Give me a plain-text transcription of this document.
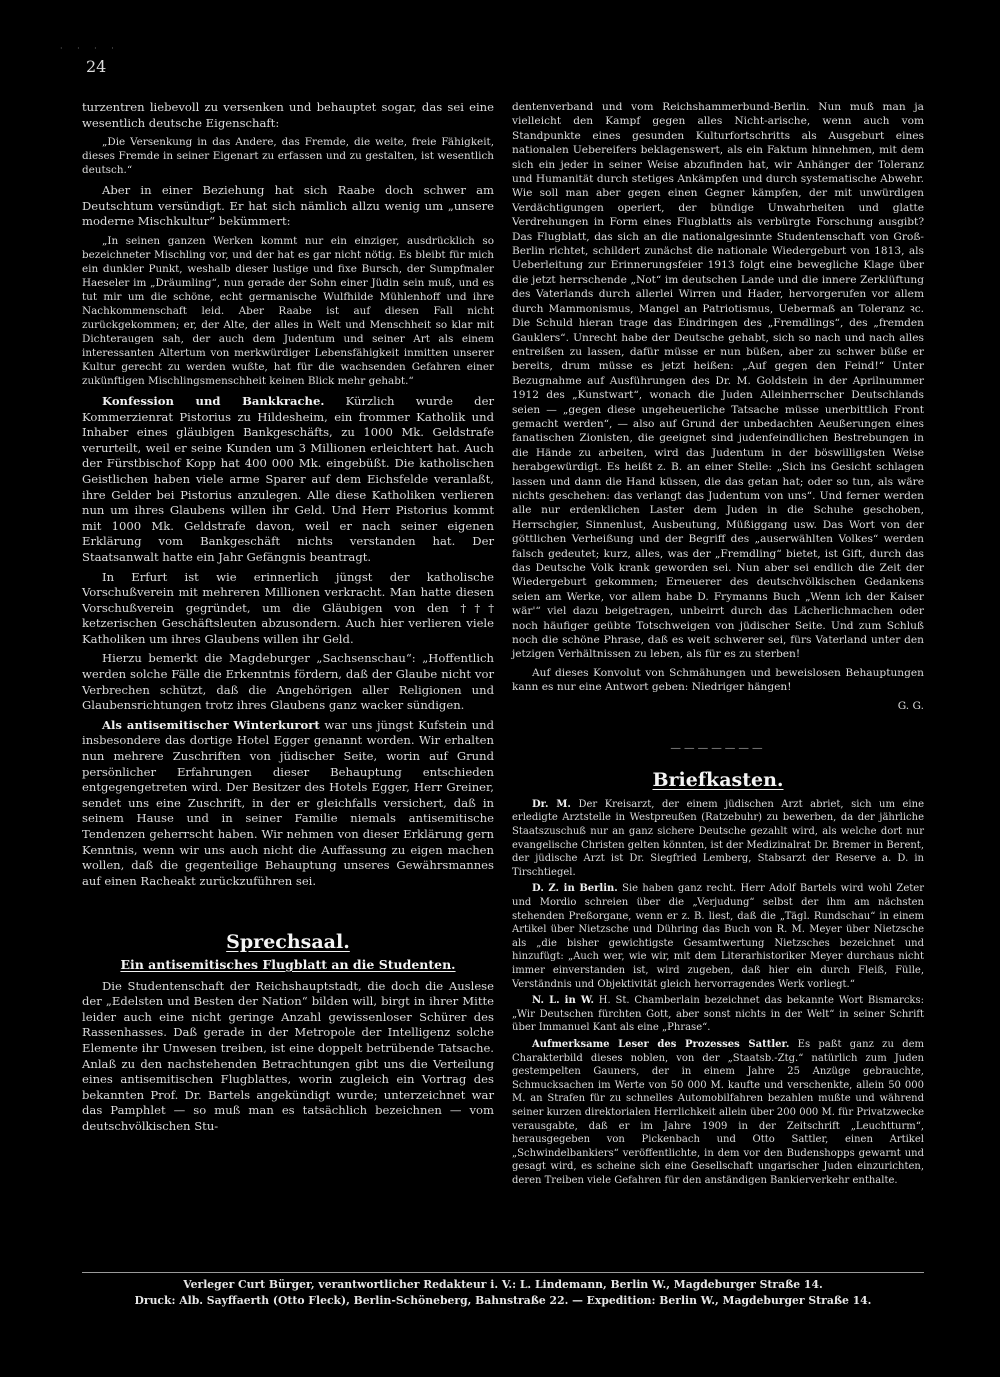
· · · ·
24

turzentren liebevoll zu versenken und behauptet sogar, das sei eine wesentlich deutsche Eigenschaft:

„Die Versenkung in das Andere, das Fremde, die weite, freie Fähigkeit, dieses Fremde in seiner Eigenart zu erfassen und zu gestalten, ist wesentlich deutsch.“

Aber in einer Beziehung hat sich Raabe doch schwer am Deutschtum versündigt. Er hat sich nämlich allzu wenig um „unsere moderne Mischkultur“ bekümmert:

„In seinen ganzen Werken kommt nur ein einziger, ausdrücklich so bezeichneter Mischling vor, und der hat es gar nicht nötig. Es bleibt für mich ein dunkler Punkt, weshalb dieser lustige und fixe Bursch, der Sumpfmaler Haeseler im „Dräumling“, nun gerade der Sohn einer Jüdin sein muß, und es tut mir um die schöne, echt germanische Wulfhilde Mühlenhoff und ihre Nachkommenschaft leid. Aber Raabe ist auf diesen Fall nicht zurückgekommen; er, der Alte, der alles in Welt und Menschheit so klar mit Dichteraugen sah, der auch dem Judentum und seiner Art als einem interessanten Altertum von merkwürdiger Lebensfähigkeit inmitten unserer Kultur gerecht zu werden wußte, hat für die wachsenden Gefahren einer zukünftigen Mischlingsmenschheit keinen Blick mehr gehabt.“

Konfession und Bankkrache. Kürzlich wurde der Kommerzienrat Pistorius zu Hildesheim, ein frommer Katholik und Inhaber eines gläubigen Bankgeschäfts, zu 1000 Mk. Geldstrafe verurteilt, weil er seine Kunden um 3 Millionen erleichtert hat. Auch der Fürstbischof Kopp hat 400 000 Mk. eingebüßt. Die katholischen Geistlichen haben viele arme Sparer auf dem Eichsfelde veranlaßt, ihre Gelder bei Pistorius anzulegen. Alle diese Katholiken verlieren nun um ihres Glaubens willen ihr Geld. Und Herr Pistorius kommt mit 1000 Mk. Geldstrafe davon, weil er nach seiner eigenen Erklärung vom Bankgeschäft nichts verstanden hat. Der Staatsanwalt hatte ein Jahr Gefängnis beantragt.

In Erfurt ist wie erinnerlich jüngst der katholische Vorschußverein mit mehreren Millionen verkracht. Man hatte diesen Vorschußverein gegründet, um die Gläubigen von den ††† ketzerischen Geschäftsleuten abzusondern. Auch hier verlieren viele Katholiken um ihres Glaubens willen ihr Geld.

Hierzu bemerkt die Magdeburger „Sachsenschau“: „Hoffentlich werden solche Fälle die Erkenntnis fördern, daß der Glaube nicht vor Verbrechen schützt, daß die Angehörigen aller Religionen und Glaubensrichtungen trotz ihres Glaubens ganz wacker sündigen.

Als antisemitischer Winterkurort war uns jüngst Kufstein und insbesondere das dortige Hotel Egger genannt worden. Wir erhalten nun mehrere Zuschriften von jüdischer Seite, worin auf Grund persönlicher Erfahrungen dieser Behauptung entschieden entgegengetreten wird. Der Besitzer des Hotels Egger, Herr Greiner, sendet uns eine Zuschrift, in der er gleichfalls versichert, daß in seinem Hause und in seiner Familie niemals antisemitische Tendenzen geherrscht haben. Wir nehmen von dieser Erklärung gern Kenntnis, wenn wir uns auch nicht die Auffassung zu eigen machen wollen, daß die gegenteilige Behauptung unseres Gewährsmannes auf einen Racheakt zurückzuführen sei.

Sprechsaal.
Ein antisemitisches Flugblatt an die Studenten.

Die Studentenschaft der Reichshauptstadt, die doch die Auslese der „Edelsten und Besten der Nation“ bilden will, birgt in ihrer Mitte leider auch eine nicht geringe Anzahl gewissenloser Schürer des Rassenhasses. Daß gerade in der Metropole der Intelligenz solche Elemente ihr Unwesen treiben, ist eine doppelt betrübende Tatsache. Anlaß zu den nachstehenden Betrachtungen gibt uns die Verteilung eines antisemitischen Flugblattes, worin zugleich ein Vortrag des bekannten Prof. Dr. Bartels angekündigt wurde; unterzeichnet war das Pamphlet — so muß man es tatsächlich bezeichnen — vom deutschvölkischen Stu-

dentenverband und vom Reichshammerbund-Berlin. Nun muß man ja vielleicht den Kampf gegen alles Nicht-arische, wenn auch vom Standpunkte eines gesunden Kulturfortschritts als Ausgeburt eines nationalen Uebereifers beklagenswert, als ein Faktum hinnehmen, mit dem sich ein jeder in seiner Weise abzufinden hat, wir Anhänger der Toleranz und Humanität durch stetiges Ankämpfen und durch systematische Abwehr. Wie soll man aber gegen einen Gegner kämpfen, der mit unwürdigen Verdächtigungen operiert, der bündige Unwahrheiten und glatte Verdrehungen in Form eines Flugblatts als verbürgte Forschung ausgibt? Das Flugblatt, das sich an die nationalgesinnte Studentenschaft von Groß-Berlin richtet, schildert zunächst die nationale Wiedergeburt von 1813, als Ueberleitung zur Erinnerungsfeier 1913 folgt eine bewegliche Klage über die jetzt herrschende „Not“ im deutschen Lande und die innere Zerklüftung des Vaterlands durch allerlei Wirren und Hader, hervorgerufen vor allem durch Mammonismus, Mangel an Patriotismus, Uebermaß an Toleranz ꝛc. Die Schuld hieran trage das Eindringen des „Fremdlings“, des „fremden Gauklers“. Unrecht habe der Deutsche gehabt, sich so nach und nach alles entreißen zu lassen, dafür müsse er nun büßen, aber zu schwer büße er bereits, drum müsse es jetzt heißen: „Auf gegen den Feind!“ Unter Bezugnahme auf Ausführungen des Dr. M. Goldstein in der Aprilnummer 1912 des „Kunstwart“, wonach die Juden Alleinherrscher Deutschlands seien — „gegen diese ungeheuerliche Tatsache müsse unerbittlich Front gemacht werden“, — also auf Grund der unbedachten Aeußerungen eines fanatischen Zionisten, die geeignet sind judenfeindlichen Bestrebungen in die Hände zu arbeiten, wird das Judentum in der böswilligsten Weise herabgewürdigt. Es heißt z. B. an einer Stelle: „Sich ins Gesicht schlagen lassen und dann die Hand küssen, die das getan hat; oder so tun, als wäre nichts geschehen: das verlangt das Judentum von uns“. Und ferner werden alle nur erdenklichen Laster dem Juden in die Schuhe geschoben, Herrschgier, Sinnenlust, Ausbeutung, Müßiggang usw. Das Wort von der göttlichen Verheißung und der Begriff des „auserwählten Volkes“ werden falsch gedeutet; kurz, alles, was der „Fremdling“ bietet, ist Gift, durch das das Deutsche Volk krank geworden sei. Nun aber sei endlich die Zeit der Wiedergeburt gekommen; Erneuerer des deutschvölkischen Gedankens seien am Werke, vor allem habe D. Frymanns Buch „Wenn ich der Kaiser wär'“ viel dazu beigetragen, unbeirrt durch das Lächerlichmachen oder noch häufiger geübte Totschweigen von jüdischer Seite. Und zum Schluß noch die schöne Phrase, daß es weit schwerer sei, fürs Vaterland unter den jetzigen Verhältnissen zu leben, als für es zu sterben!

Auf dieses Konvolut von Schmähungen und beweislosen Behauptungen kann es nur eine Antwort geben: Niedriger hängen!

G. G.
———————
Briefkasten.
Dr. M. Der Kreisarzt, der einem jüdischen Arzt abriet, sich um eine erledigte Arztstelle in Westpreußen (Ratzebuhr) zu bewerben, da der jährliche Staatszuschuß nur an ganz sichere Deutsche gezahlt wird, als welche dort nur evangelische Christen gelten könnten, ist der Medizinalrat Dr. Bremer in Berent, der jüdische Arzt ist Dr. Siegfried Lemberg, Stabsarzt der Reserve a. D. in Tirschtiegel.
D. Z. in Berlin. Sie haben ganz recht. Herr Adolf Bartels wird wohl Zeter und Mordio schreien über die „Verjudung“ selbst der ihm am nächsten stehenden Preßorgane, wenn er z. B. liest, daß die „Tägl. Rundschau“ in einem Artikel über Nietzsche und Dühring das Buch von R. M. Meyer über Nietzsche als „die bisher gewichtigste Gesamtwertung Nietzsches bezeichnet und hinzufügt: „Auch wer, wie wir, mit dem Literarhistoriker Meyer durchaus nicht immer einverstanden ist, wird zugeben, daß hier ein durch Fleiß, Fülle, Verständnis und Objektivität gleich hervorragendes Werk vorliegt.“
N. L. in W. H. St. Chamberlain bezeichnet das bekannte Wort Bismarcks: „Wir Deutschen fürchten Gott, aber sonst nichts in der Welt“ in seiner Schrift über Immanuel Kant als eine „Phrase“.
Aufmerksame Leser des Prozesses Sattler. Es paßt ganz zu dem Charakterbild dieses noblen, von der „Staatsb.-Ztg.“ natürlich zum Juden gestempelten Gauners, der in einem Jahre 25 Anzüge gebrauchte, Schmucksachen im Werte von 50 000 M. kaufte und verschenkte, allein 50 000 M. an Strafen für zu schnelles Automobilfahren bezahlen mußte und während seiner kurzen direktorialen Herrlichkeit allein über 200 000 M. für Privatzwecke verausgabte, daß er im Jahre 1909 in der Zeitschrift „Leuchtturm“, herausgegeben von Pickenbach und Otto Sattler, einen Artikel „Schwindelbankiers“ veröffentlichte, in dem vor den Budenshopps gewarnt und gesagt wird, es scheine sich eine Gesellschaft ungarischer Juden einzurichten, deren Treiben viele Gefahren für den anständigen Bankierverkehr enthalte.
Verleger Curt Bürger, verantwortlicher Redakteur i. V.: L. Lindemann, Berlin W., Magdeburger Straße 14.
Druck: Alb. Sayffaerth (Otto Fleck), Berlin-Schöneberg, Bahnstraße 22. — Expedition: Berlin W., Magdeburger Straße 14.
